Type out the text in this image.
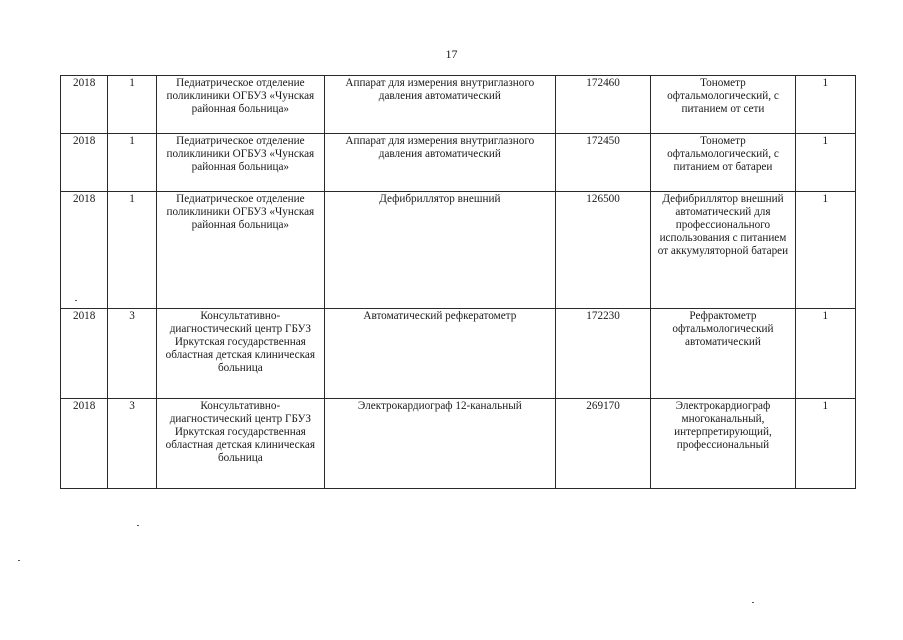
17
2018	1	Педиатрическое отделение поликлиники ОГБУЗ «Чунская районная больница»	Аппарат для измерения внутриглазного давления автоматический	172460	Тонометр офтальмологический, с питанием от сети	1
2018	1	Педиатрическое отделение поликлиники ОГБУЗ «Чунская районная больница»	Аппарат для измерения внутриглазного давления автоматический	172450	Тонометр офтальмологический, с питанием от батареи	1
2018	1	Педиатрическое отделение поликлиники ОГБУЗ «Чунская районная больница»	Дефибриллятор внешний	126500	Дефибриллятор внешний автоматический для профессионального использования с питанием от аккумуляторной батареи	1
2018	3	Консультативно-диагностический центр ГБУЗ Иркутская государственная областная детская клиническая больница	Автоматический рефкератометр	172230	Рефрактометр офтальмологический автоматический	1
2018	3	Консультативно-диагностический центр ГБУЗ Иркутская государственная областная детская клиническая больница	Электрокардиограф 12-канальный	269170	Электрокардиограф многоканальный, интерпретирующий, профессиональный	1
